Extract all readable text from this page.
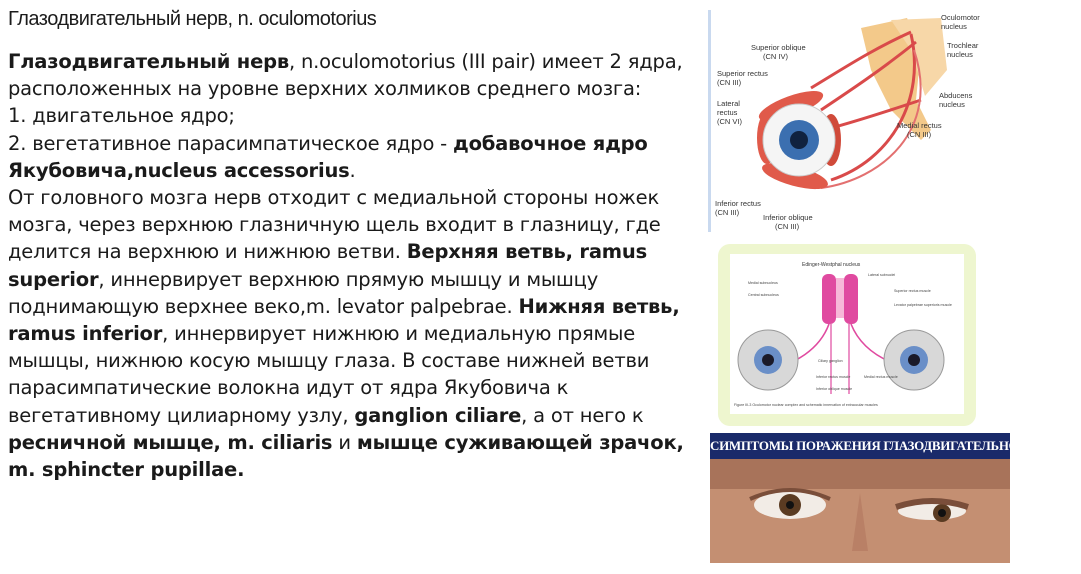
Глазодвигательный нерв, n. oculomotorius
Глазодвигательный нерв, n.oculomotorius (III pair) имеет 2 ядра, расположенных на уровне верхних холмиков среднего мозга:
1. двигательное ядро;
2. вегетативное парасимпатическое ядро - добавочное ядро Якубовича,nucleus accessorius.
От головного мозга нерв отходит с медиальной стороны ножек мозга, через верхнюю глазничную щель входит в глазницу, где делится на верхнюю и нижнюю ветви. Верхняя ветвь, ramus superior, иннервирует верхнюю прямую мышцу и мышцу поднимающую верхнее веко,m. levator palpebrae. Нижняя ветвь, ramus inferior, иннервирует нижнюю и медиальную прямые мышцы, нижнюю косую мышцу глаза. В составе нижней ветви парасимпатические волокна идут от ядра Якубовича к вегетативному цилиарному узлу, ganglion ciliare, а от него к ресничной мышце, m. ciliaris и мышце суживающей зрачок, m. sphincter pupillae.
Oculomotor nucleus
Trochlear nucleus
Abducens nucleus
Superior oblique (CN IV)
Superior rectus (CN III)
Lateral rectus (CN VI)	Medial rectus (CN III)
Inferior rectus (CN III)
Inferior oblique (CN III)
Edinger-Westphal nucleus
Lateral subnuclei
Medial subnucleus
Central subnucleus
Superior rectus muscle
Levator palpebrae superioris muscle
Ciliary ganglion
Inferior rectus muscle	Medial rectus muscle
Inferior oblique muscle
Figure III-3 Oculomotor nuclear complex and schematic innervation of extraocular muscles
СИМПТОМЫ ПОРАЖЕНИЯ ГЛАЗОДВИГАТЕЛЬНОГО НЕРВА
